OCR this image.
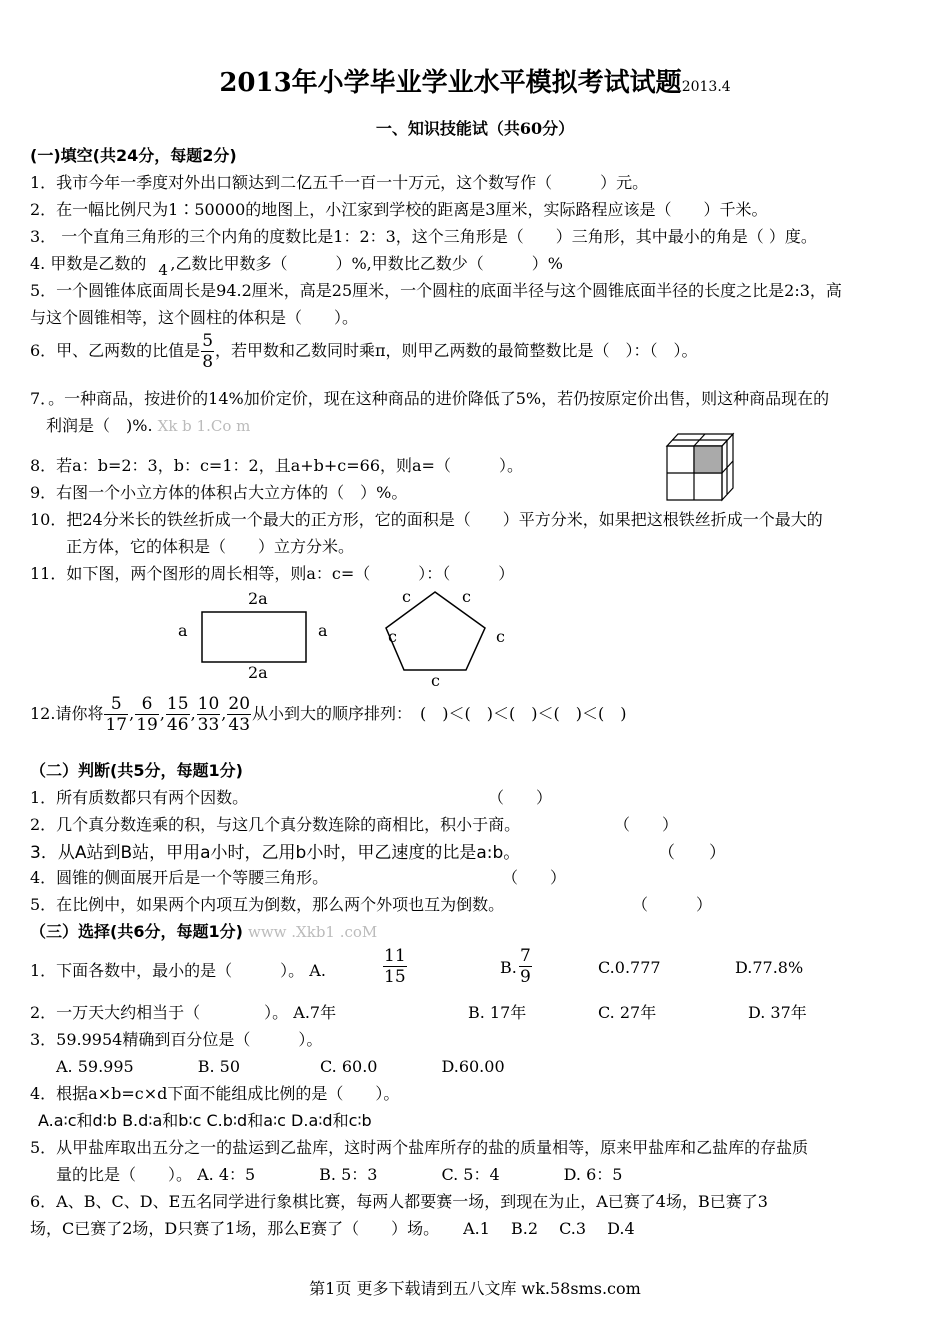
2013年小学毕业学业水平模拟考试试题2013.4
一、知识技能试（共60分）
(一)填空(共24分，每题2分)
1．我市今年一季度对外出口额达到二亿五千一百一十万元，这个数写作（　　　）元。
2．在一幅比例尺为1∶50000的地图上，小江家到学校的距离是3厘米，实际路程应该是（　　）千米。
3． 一个直角三角形的三个内角的度数比是1：2：3，这个三角形是（　　）三角形，其中最小的角是（ ）度。
4. 甲数是乙数的 4 ,乙数比甲数多（　　　）%,甲数比乙数少（　　　）%
5．一个圆锥体底面周长是94.2厘米，高是25厘米，一个圆柱的底面半径与这个圆锥底面半径的长度之比是2:3，高
与这个圆锥相等，这个圆柱的体积是（　　）。
6．甲、乙两数的比值是 $\frac{5}{8}$ ，若甲数和乙数同时乘π，则甲乙两数的最简整数比是（　）：（　）。
7．。一种商品，按进价的14%加价定价，现在这种商品的进价降低了5%，若仍按原定价出售，则这种商品现在的
利润是（　)%. Xk b 1.Co m
8．若a：b=2：3，b：c=1：2，且a+b+c=66，则a=（　　　）。
9．右图一个小立方体的体积占大立方体的（　）%。
10．把24分米长的铁丝折成一个最大的正方形，它的面积是（　　）平方分米，如果把这根铁丝折成一个最大的
正方体，它的体积是（　　）立方分米。
11．如下图，两个图形的周长相等，则a：c=（　　　）：（　　　）
2a
2a
a	a
c	c
c	c
c
12.请你将 $\frac{5}{17}$ , $\frac{6}{19}$ , $\frac{15}{46}$ , $\frac{10}{33}$ , $\frac{20}{43}$ 从小到大的顺序排列：　(　)＜(　)＜(　)＜(　)＜(　)
（二）判断(共5分，每题1分)
1．所有质数都只有两个因数。	（　　）
2．几个真分数连乘的积，与这几个真分数连除的商相比，积小于商。	（　　）
3．从A站到B站，甲用a小时，乙用b小时，甲乙速度的比是a:b。	（　　）
4．圆锥的侧面展开后是一个等腰三角形。	（　　）
5．在比例中，如果两个内项互为倒数，那么两个外项也互为倒数。	（　　　）
（三）选择(共6分，每题1分) www .Xkb1 .coM
1．下面各数中，最小的是（　　　）。 A.	$\frac{11}{15}$	B. $\frac{7}{9}$	C.0.777	D.77.8%
2．一万天大约相当于（　　　　）。 A.7年	B. 17年	C. 27年	D. 37年
3．59.9954精确到百分位是（　　　）。
A. 59.995　　　　B. 50　　　　　C. 60.0　　　　D.60.00
4．根据a×b=c×d下面不能组成比例的是（　　）。
A.a∶c和d∶b B.d∶a和b∶c C.b∶d和a∶c D.a∶d和c∶b
5．从甲盐库取出五分之一的盐运到乙盐库，这时两个盐库所存的盐的质量相等，原来甲盐库和乙盐库的存盐质
量的比是（　　）。 A. 4：5　　　　B. 5：3　　　　C. 5：4　　　　D. 6：5
6．A、B、C、D、E五名同学进行象棋比赛，每两人都要赛一场，到现在为止，A已赛了4场，B已赛了3
场，C已赛了2场，D只赛了1场，那么E赛了（　　）场。　　A.1　 B.2　 C.3　 D.4
第1页 更多下载请到五八文库 wk.58sms.com
